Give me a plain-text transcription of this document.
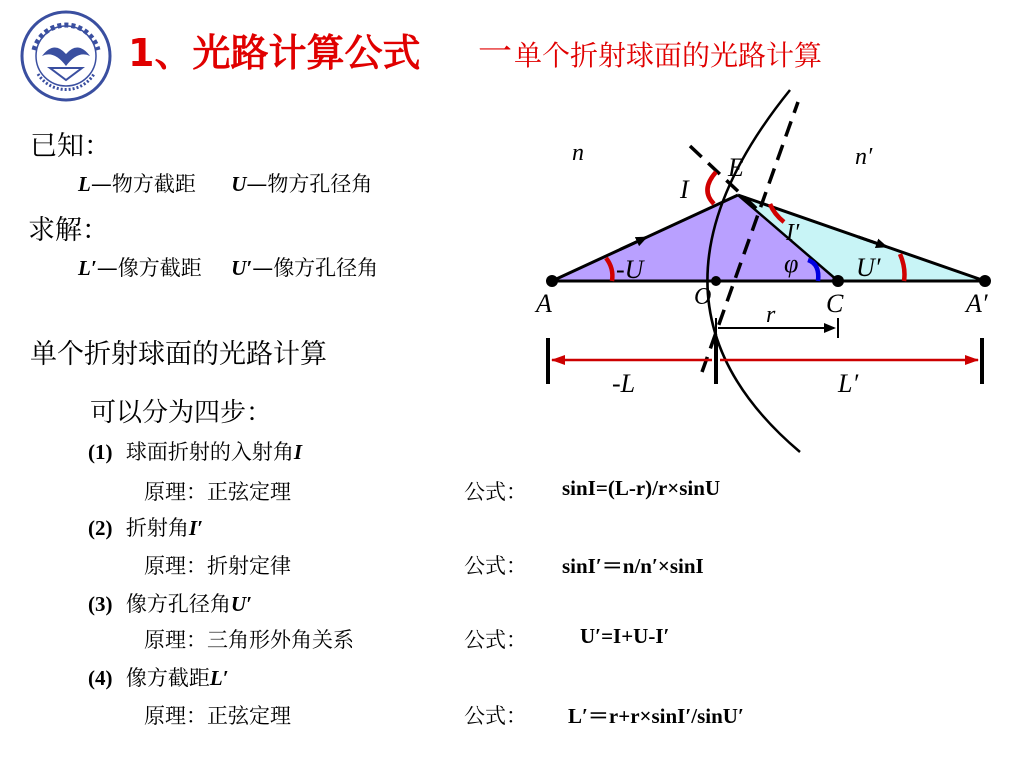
1、光路计算公式 一 单个折射球面的光路计算
已知：
L—物方截距 U—物方孔径角
求解：
L′—像方截距 U′—像方孔径角
单个折射球面的光路计算
可以分为四步：
(1) 球面折射的入射角I
原理：正弦定理	公式： sinI=(L-r)/r×sinU
(2) 折射角I′
原理：折射定律	公式： sinI′＝n/n′×sinI
(3) 像方孔径角U′
原理：三角形外角关系	公式：	U′=I+U-I′
(4) 像方截距L′
原理：正弦定理	公式： L′＝r+r×sinI′/sinU′
n	n′
E
I
I′
-U	φ U′
A	O	C	A′
r
-L	L′
